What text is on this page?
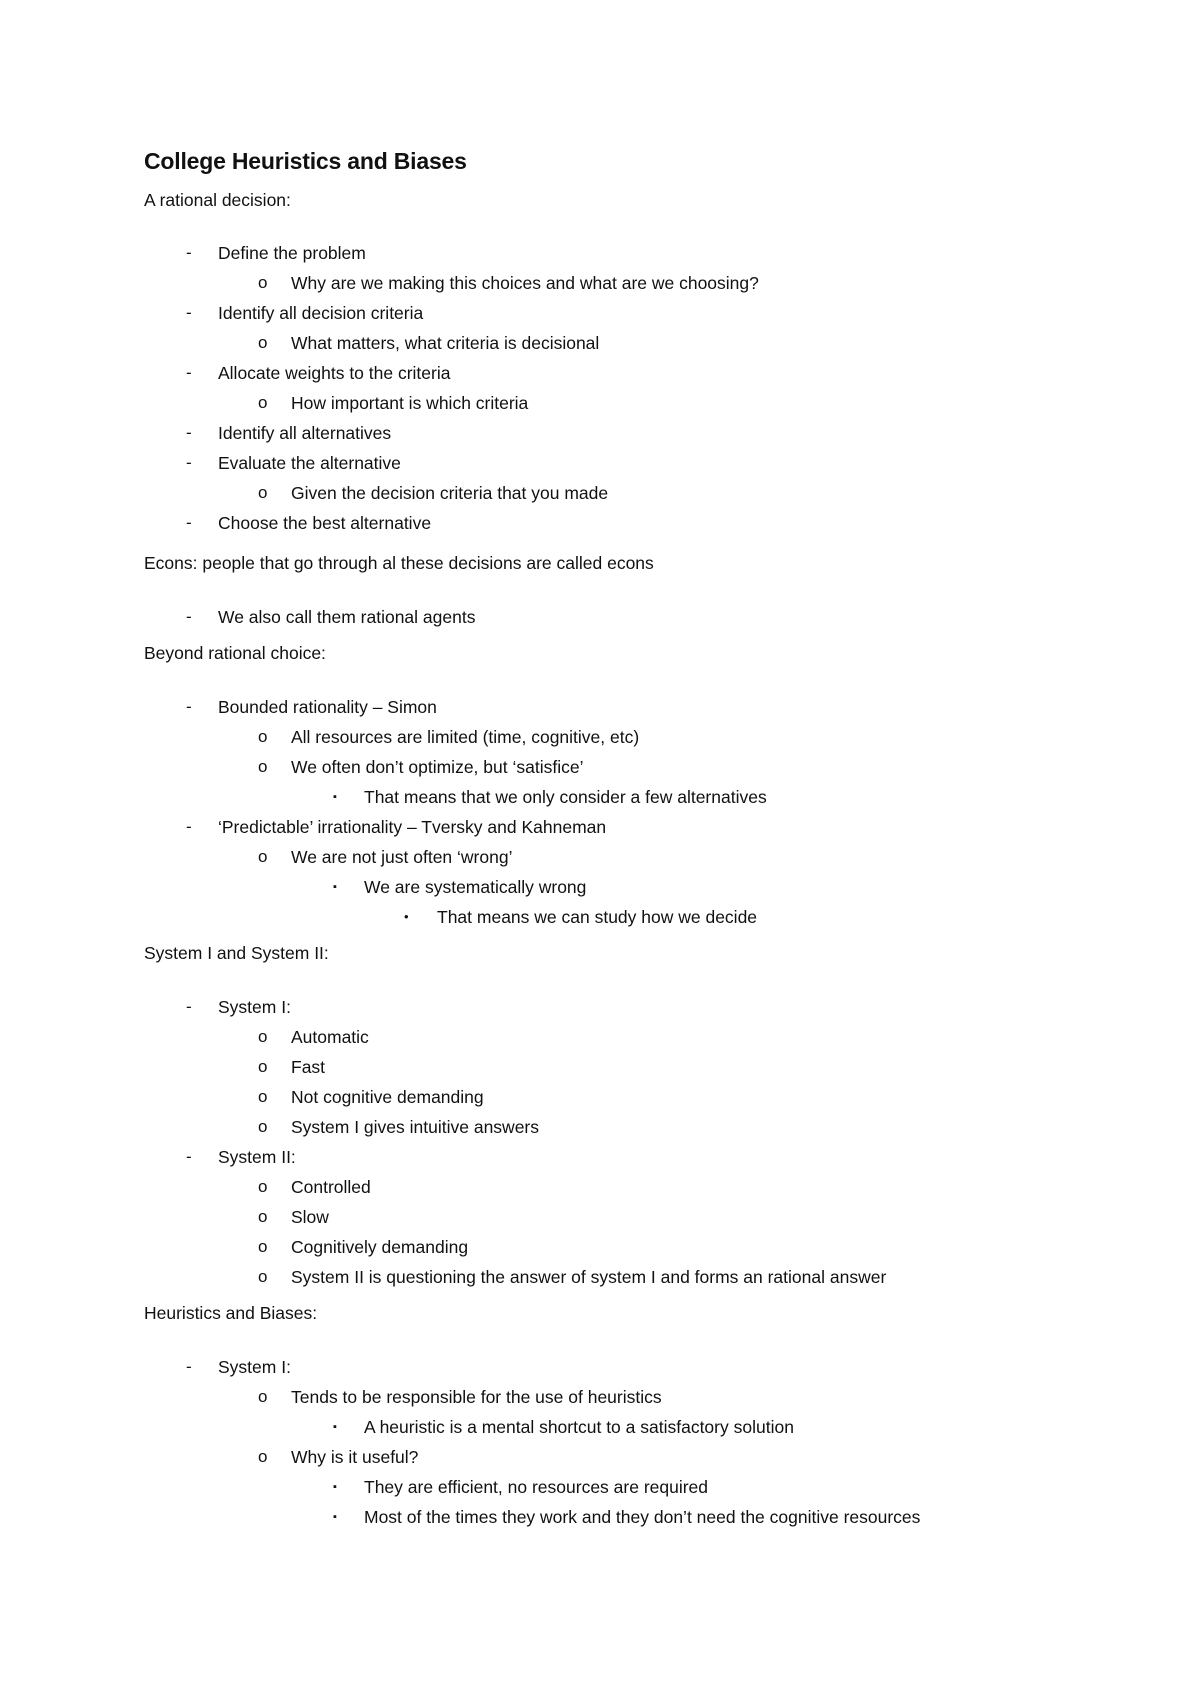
College Heuristics and Biases
A rational decision:
- Define the problem
o Why are we making this choices and what are we choosing?
- Identify all decision criteria
o What matters, what criteria is decisional
- Allocate weights to the criteria
o How important is which criteria
- Identify all alternatives
- Evaluate the alternative
o Given the decision criteria that you made
- Choose the best alternative
Econs: people that go through al these decisions are called econs
- We also call them rational agents
Beyond rational choice:
- Bounded rationality – Simon
o All resources are limited (time, cognitive, etc)
o We often don’t optimize, but ‘satisfice’
▪ That means that we only consider a few alternatives
- ‘Predictable’ irrationality – Tversky and Kahneman
o We are not just often ‘wrong’
▪ We are systematically wrong
• That means we can study how we decide
System I and System II:
- System I:
o Automatic
o Fast
o Not cognitive demanding
o System I gives intuitive answers
- System II:
o Controlled
o Slow
o Cognitively demanding
o System II is questioning the answer of system I and forms an rational answer
Heuristics and Biases:
- System I:
o Tends to be responsible for the use of heuristics
▪ A heuristic is a mental shortcut to a satisfactory solution
o Why is it useful?
▪ They are efficient, no resources are required
▪ Most of the times they work and they don’t need the cognitive resources
